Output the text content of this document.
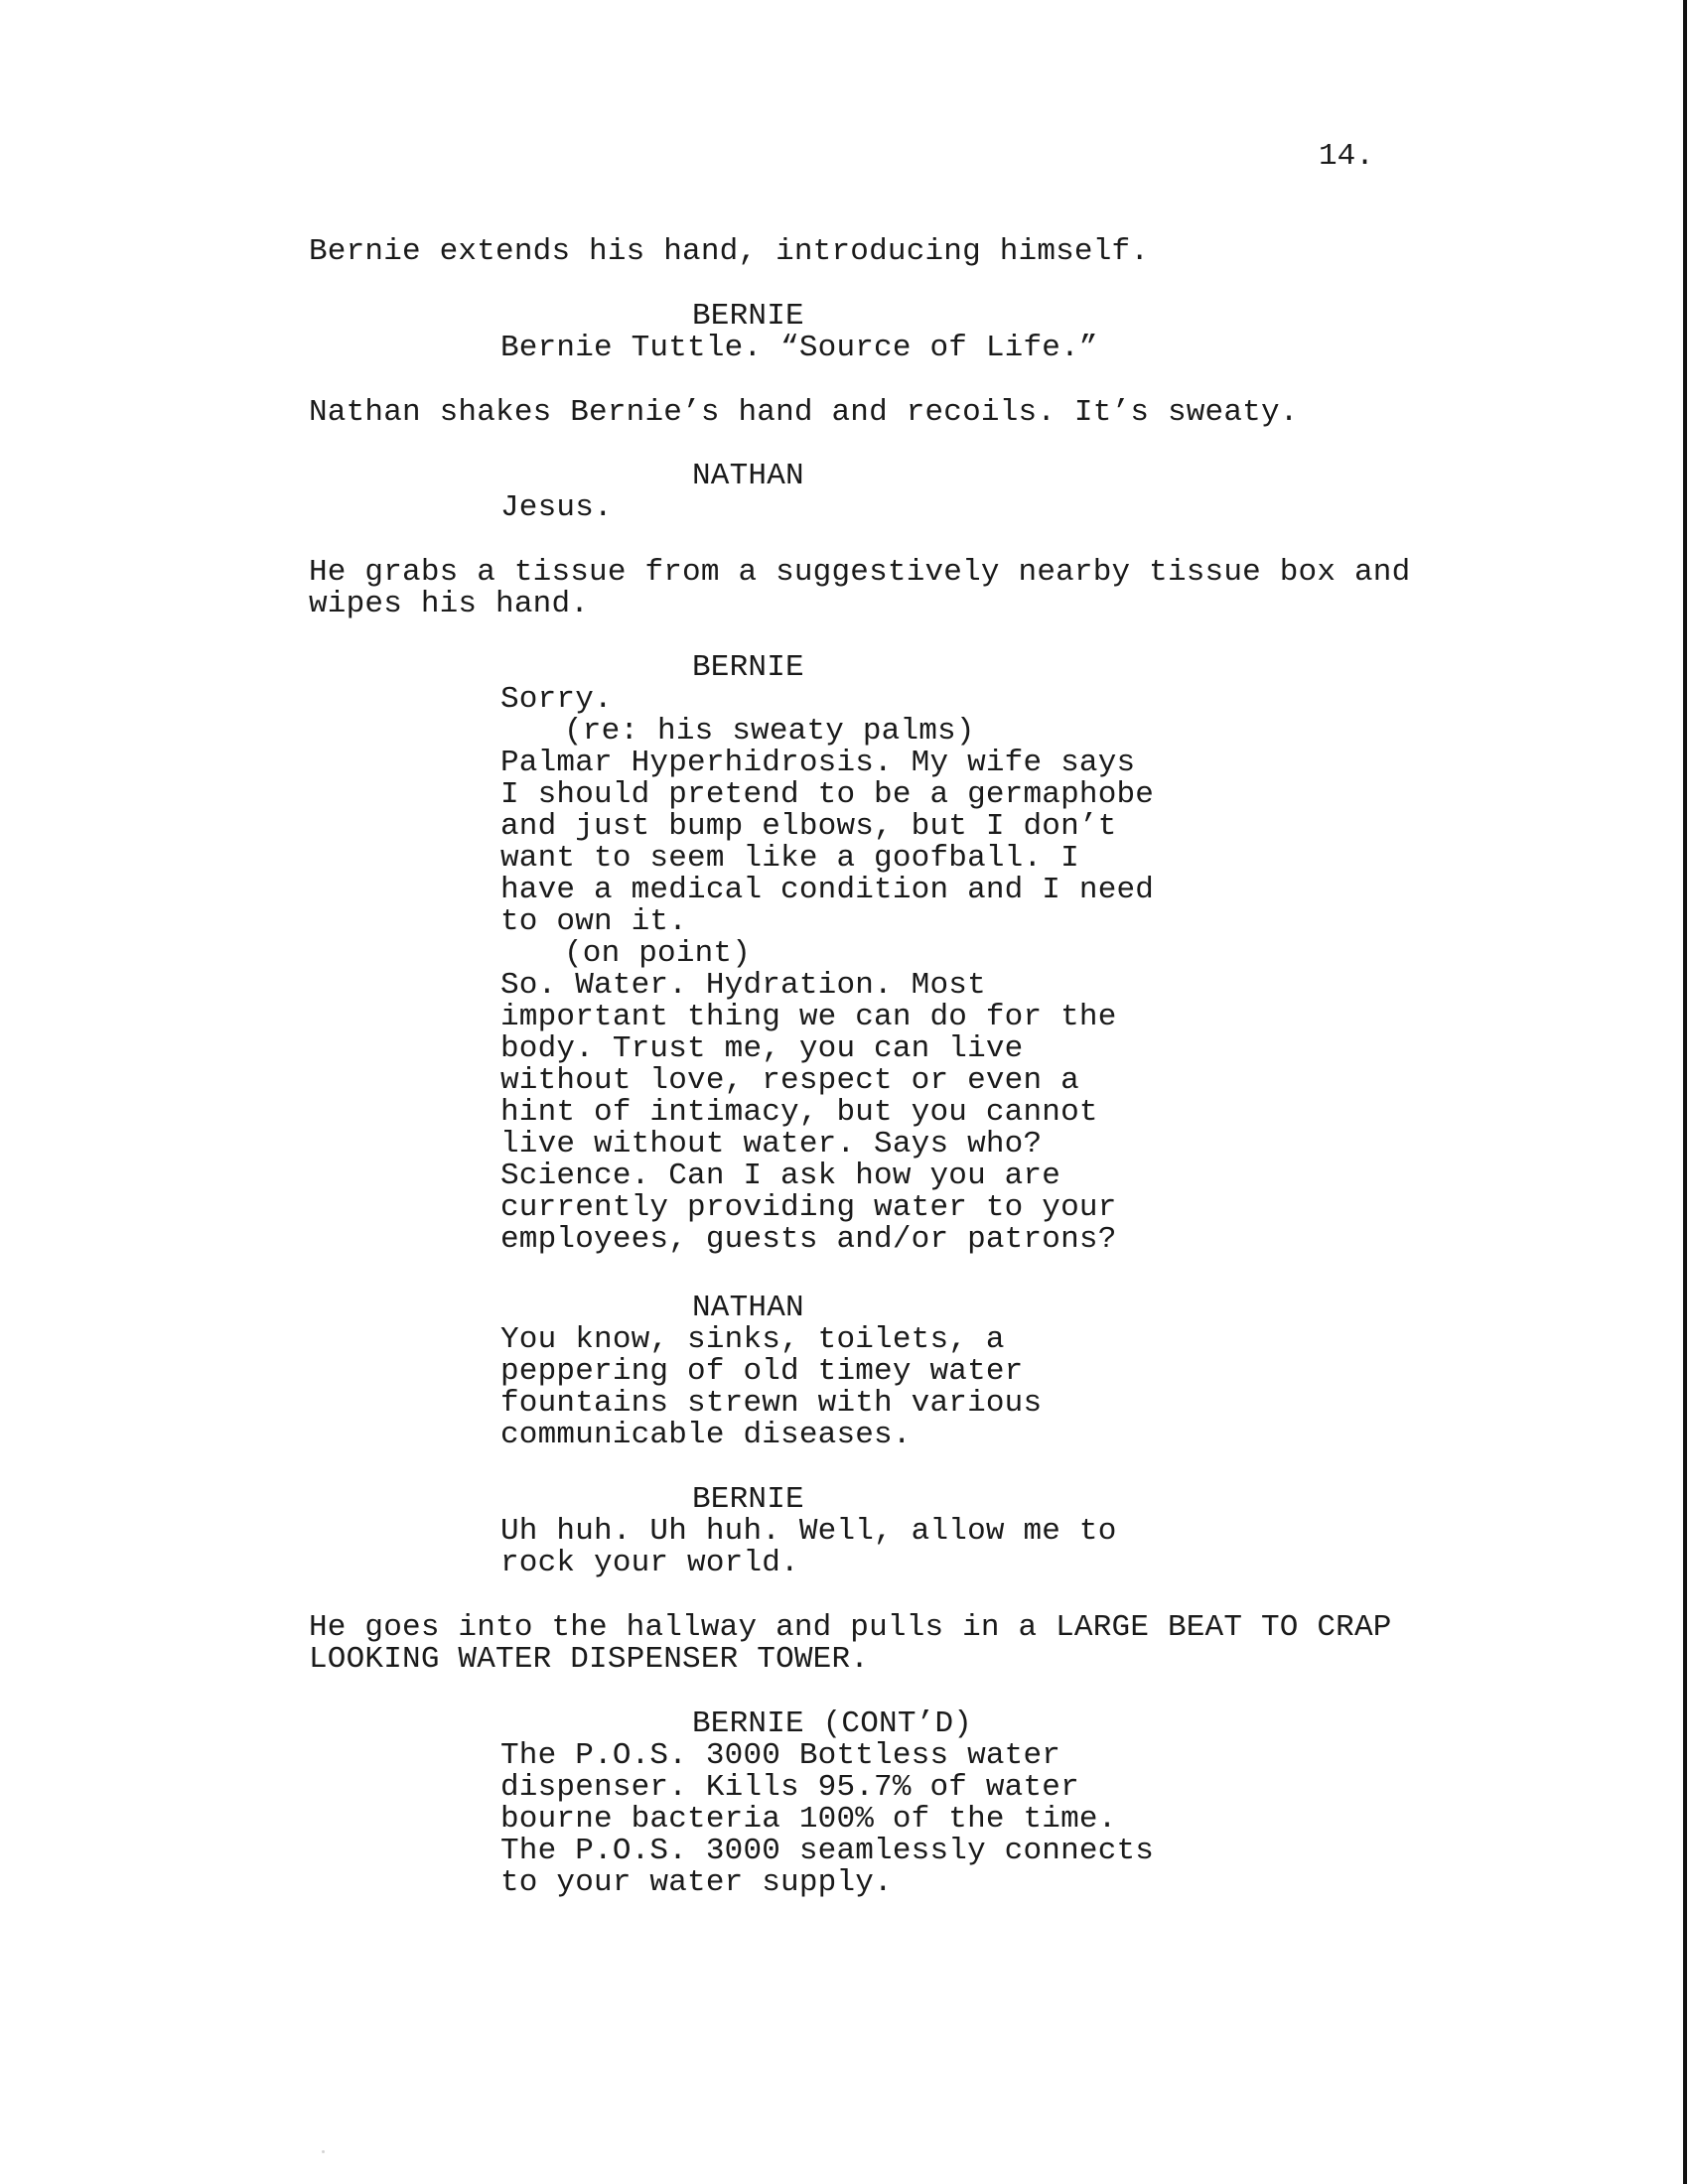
14.
Bernie extends his hand, introducing himself.
BERNIE
Bernie Tuttle. “Source of Life.”
Nathan shakes Bernie’s hand and recoils. It’s sweaty.
NATHAN
Jesus.
He grabs a tissue from a suggestively nearby tissue box and
wipes his hand.
BERNIE
Sorry.
(re: his sweaty palms)
Palmar Hyperhidrosis. My wife says
I should pretend to be a germaphobe
and just bump elbows, but I don’t
want to seem like a goofball. I
have a medical condition and I need
to own it.
(on point)
So. Water. Hydration. Most
important thing we can do for the
body. Trust me, you can live
without love, respect or even a
hint of intimacy, but you cannot
live without water. Says who?
Science. Can I ask how you are
currently providing water to your
employees, guests and/or patrons?
NATHAN
You know, sinks, toilets, a
peppering of old timey water
fountains strewn with various
communicable diseases.
BERNIE
Uh huh. Uh huh. Well, allow me to
rock your world.
He goes into the hallway and pulls in a LARGE BEAT TO CRAP
LOOKING WATER DISPENSER TOWER.
BERNIE (CONT’D)
The P.O.S. 3000 Bottless water
dispenser. Kills 95.7% of water
bourne bacteria 100% of the time.
The P.O.S. 3000 seamlessly connects
to your water supply.
